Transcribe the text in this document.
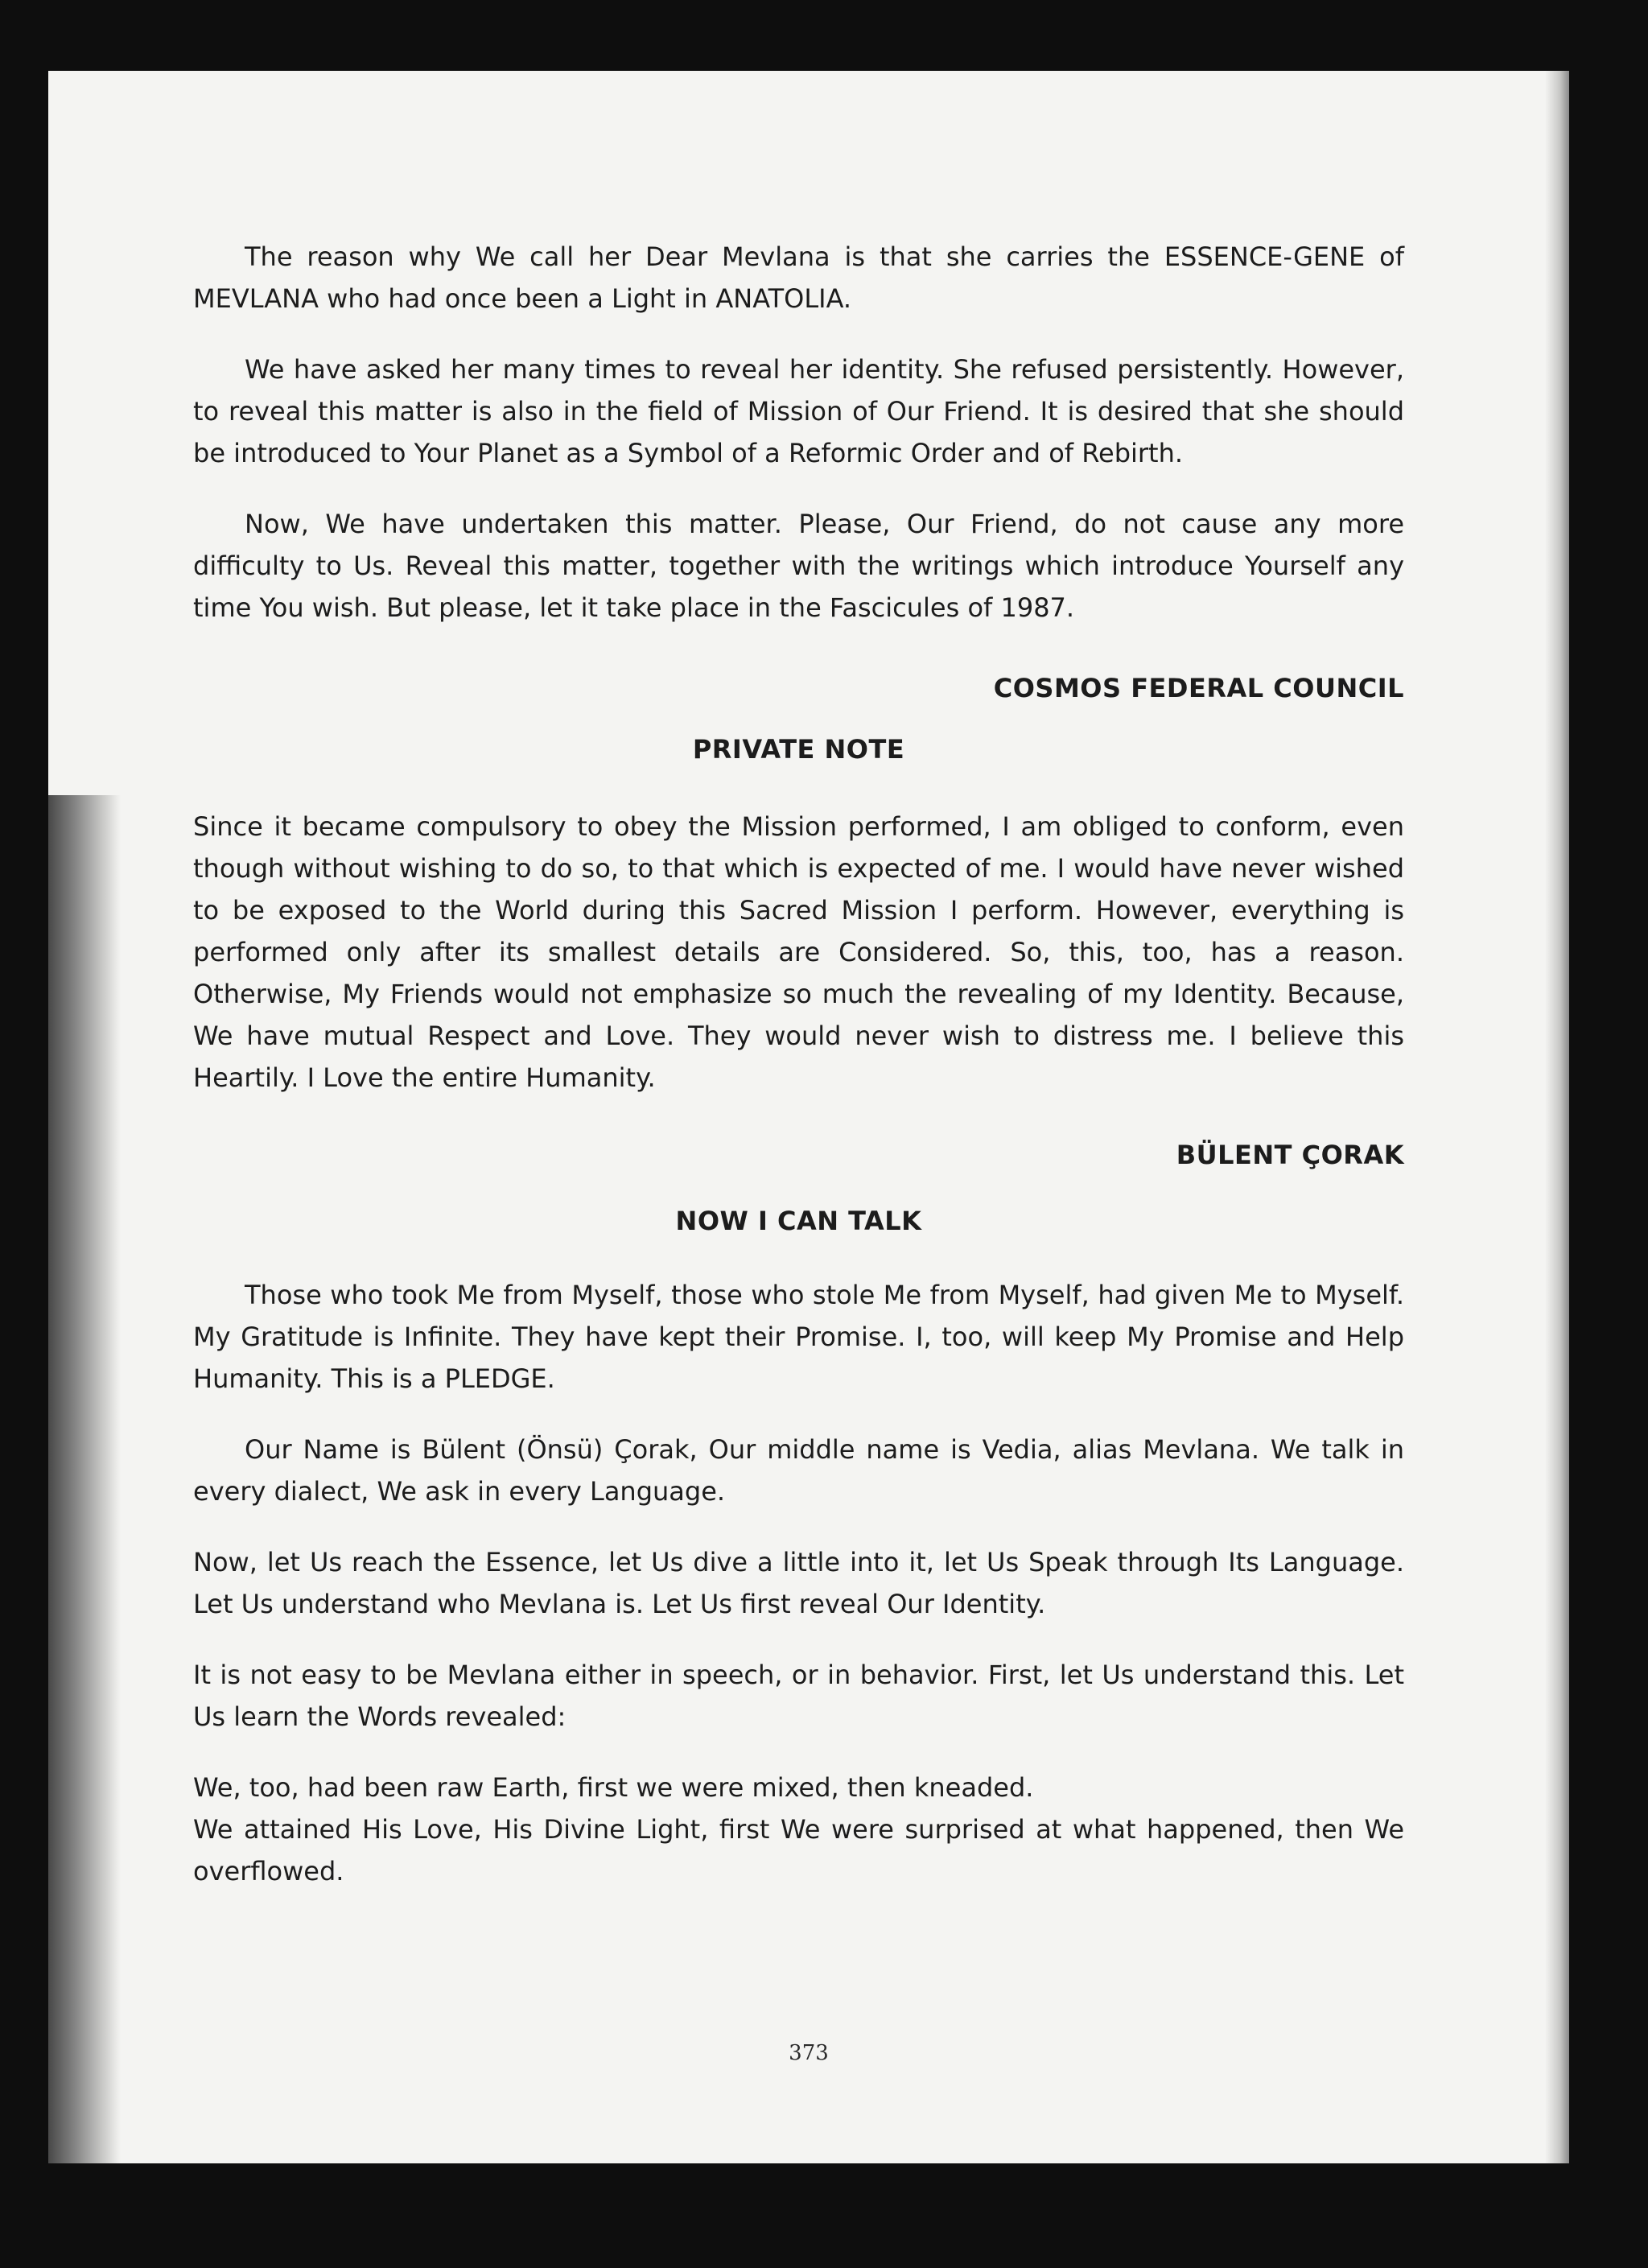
The reason why We call her Dear Mevlana is that she carries the ESSENCE-GENE of MEVLANA who had once been a Light in ANATOLIA.

We have asked her many times to reveal her identity. She refused persistently. However, to reveal this matter is also in the field of Mission of Our Friend. It is desired that she should be introduced to Your Planet as a Symbol of a Reformic Order and of Rebirth.

Now, We have undertaken this matter. Please, Our Friend, do not cause any more difficulty to Us. Reveal this matter, together with the writings which introduce Yourself any time You wish. But please, let it take place in the Fascicules of 1987.

COSMOS FEDERAL COUNCIL

PRIVATE NOTE

Since it became compulsory to obey the Mission performed, I am obliged to conform, even though without wishing to do so, to that which is expected of me. I would have never wished to be exposed to the World during this Sacred Mission I perform. However, everything is performed only after its smallest details are Considered. So, this, too, has a reason. Otherwise, My Friends would not emphasize so much the revealing of my Identity. Because, We have mutual Respect and Love. They would never wish to distress me. I believe this Heartily. I Love the entire Humanity.

BÜLENT ÇORAK

NOW I CAN TALK

Those who took Me from Myself, those who stole Me from Myself, had given Me to Myself. My Gratitude is Infinite. They have kept their Promise. I, too, will keep My Promise and Help Humanity. This is a PLEDGE.

Our Name is Bülent (Önsü) Çorak, Our middle name is Vedia, alias Mevlana. We talk in every dialect, We ask in every Language.

Now, let Us reach the Essence, let Us dive a little into it, let Us Speak through Its Language. Let Us understand who Mevlana is. Let Us first reveal Our Identity.

It is not easy to be Mevlana either in speech, or in behavior. First, let Us understand this. Let Us learn the Words revealed:

We, too, had been raw Earth, first we were mixed, then kneaded.

We attained His Love, His Divine Light, first We were surprised at what happened, then We overflowed.

373
